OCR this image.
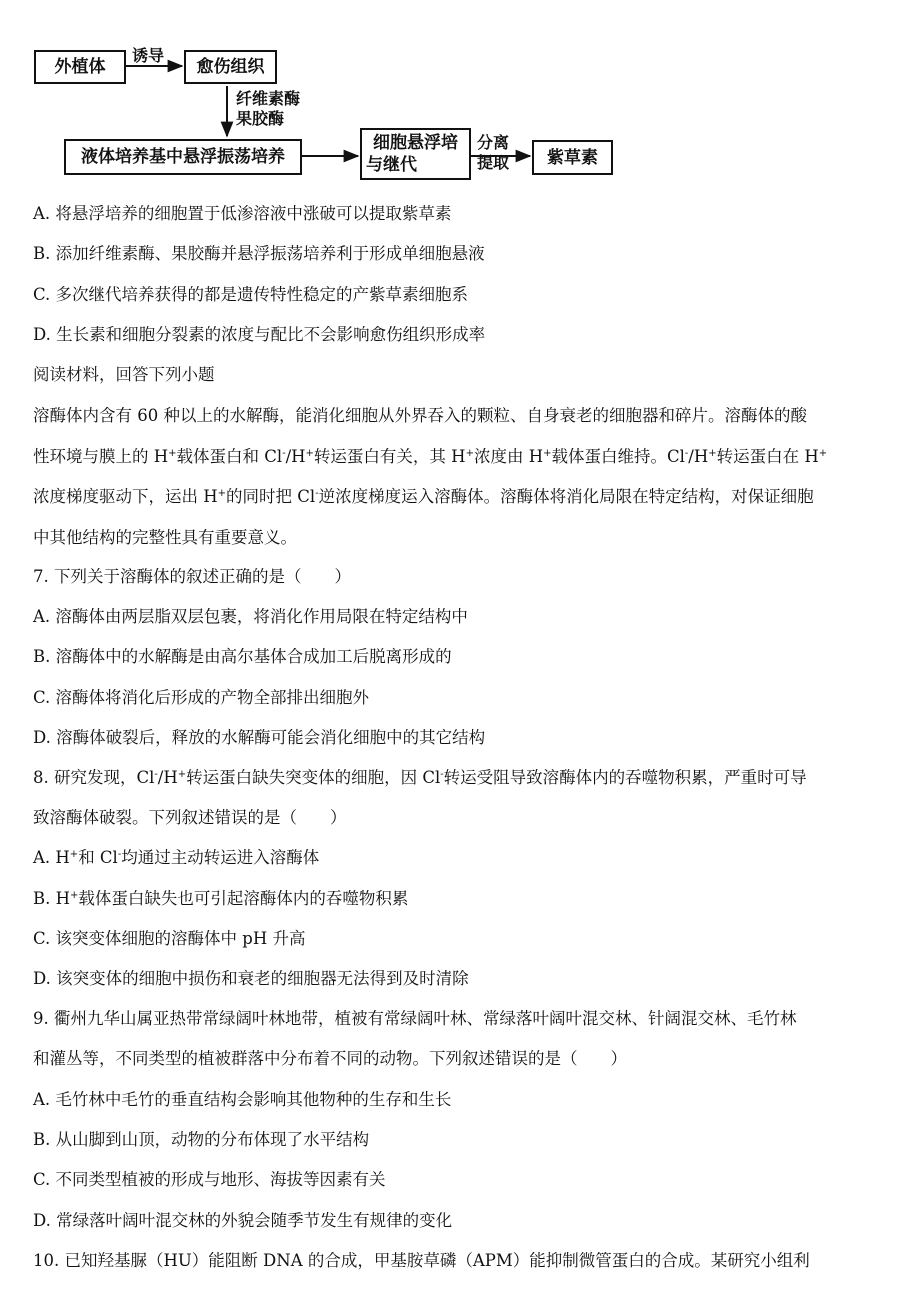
外植体
诱导
愈伤组织
纤维素酶
果胶酶
液体培养基中悬浮振荡培养
细胞悬浮培
与继代
分离
提取 紫草素
A. 将悬浮培养的细胞置于低渗溶液中涨破可以提取紫草素
B. 添加纤维素酶、果胶酶并悬浮振荡培养利于形成单细胞悬液
C. 多次继代培养获得的都是遗传特性稳定的产紫草素细胞系
D. 生长素和细胞分裂素的浓度与配比不会影响愈伤组织形成率
阅读材料，回答下列小题
溶酶体内含有 60 种以上的水解酶，能消化细胞从外界吞入的颗粒、自身衰老的细胞器和碎片。溶酶体的酸
性环境与膜上的 H+载体蛋白和 Cl-/H+转运蛋白有关，其 H+浓度由 H+载体蛋白维持。Cl-/H+转运蛋白在 H+
浓度梯度驱动下，运出 H+的同时把 Cl-逆浓度梯度运入溶酶体。溶酶体将消化局限在特定结构，对保证细胞
中其他结构的完整性具有重要意义。
7. 下列关于溶酶体的叙述正确的是（　　）
A. 溶酶体由两层脂双层包裹，将消化作用局限在特定结构中
B. 溶酶体中的水解酶是由高尔基体合成加工后脱离形成的
C. 溶酶体将消化后形成的产物全部排出细胞外
D. 溶酶体破裂后，释放的水解酶可能会消化细胞中的其它结构
8. 研究发现，Cl-/H+转运蛋白缺失突变体的细胞，因 Cl-转运受阻导致溶酶体内的吞噬物积累，严重时可导
致溶酶体破裂。下列叙述错误的是（　　）
A. H+和 Cl-均通过主动转运进入溶酶体
B. H+载体蛋白缺失也可引起溶酶体内的吞噬物积累
C. 该突变体细胞的溶酶体中 pH 升高
D. 该突变体的细胞中损伤和衰老的细胞器无法得到及时清除
9. 衢州九华山属亚热带常绿阔叶林地带，植被有常绿阔叶林、常绿落叶阔叶混交林、针阔混交林、毛竹林
和灌丛等，不同类型的植被群落中分布着不同的动物。下列叙述错误的是（　　）
A. 毛竹林中毛竹的垂直结构会影响其他物种的生存和生长
B. 从山脚到山顶，动物的分布体现了水平结构
C. 不同类型植被的形成与地形、海拔等因素有关
D. 常绿落叶阔叶混交林的外貌会随季节发生有规律的变化
10. 已知羟基脲（HU）能阻断 DNA 的合成，甲基胺草磷（APM）能抑制微管蛋白的合成。某研究小组利
